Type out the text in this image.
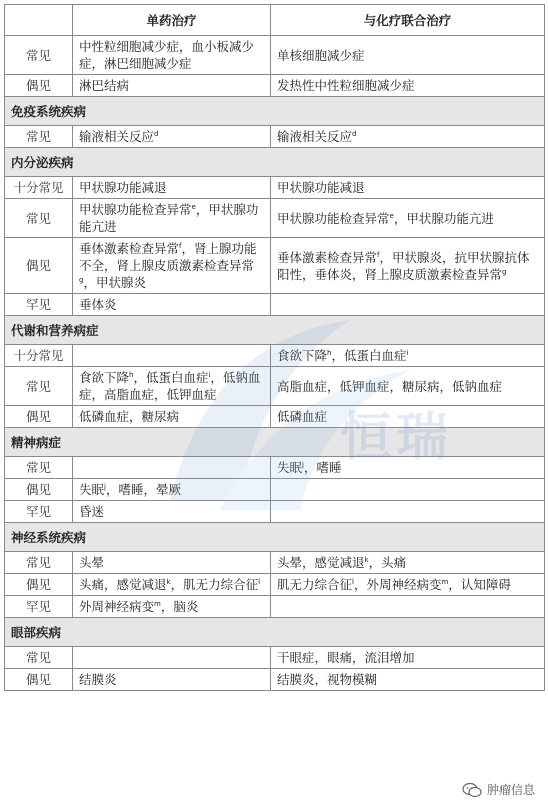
	单药治疗	与化疗联合治疗
常见	中性粒细胞减少症，血小板减少症，淋巴细胞减少症	单核细胞减少症
偶见	淋巴结病	发热性中性粒细胞减少症
免疫系统疾病		
常见	输液相关反应$^d$	输液相关反应$^d$
内分泌疾病		
十分常见	甲状腺功能减退	甲状腺功能减退
常见	甲状腺功能检查异常$^e$，甲状腺功能亢进	甲状腺功能检查异常$^e$，甲状腺功能亢进
偶见	垂体激素检查异常$^f$，肾上腺功能不全，肾上腺皮质激素检查异常$^g$，甲状腺炎	垂体激素检查异常$^f$，甲状腺炎，抗甲状腺抗体阳性，垂体炎，肾上腺皮质激素检查异常$^g$
罕见	垂体炎	
代谢和营养病症		
十分常见		食欲下降$^h$，低蛋白血症$^i$
常见	食欲下降$^h$，低蛋白血症$^i$，低钠血症，高脂血症，低钾血症	高脂血症，低钾血症，糖尿病，低钠血症
偶见	低磷血症，糖尿病	低磷血症
精神病症		
常见		失眠$^j$，嗜睡
偶见	失眠$^j$，嗜睡，晕厥	
罕见	昏迷	
神经系统疾病		
常见	头晕	头晕，感觉减退$^k$，头痛
偶见	头痛，感觉减退$^k$，肌无力综合征$^l$	肌无力综合征$^l$，外周神经病变$^m$，认知障碍
罕见	外周神经病变$^m$，脑炎	
眼部疾病		
常见		干眼症，眼痛，流泪增加
偶见	结膜炎	结膜炎，视物模糊
恒瑞
肿瘤信息
